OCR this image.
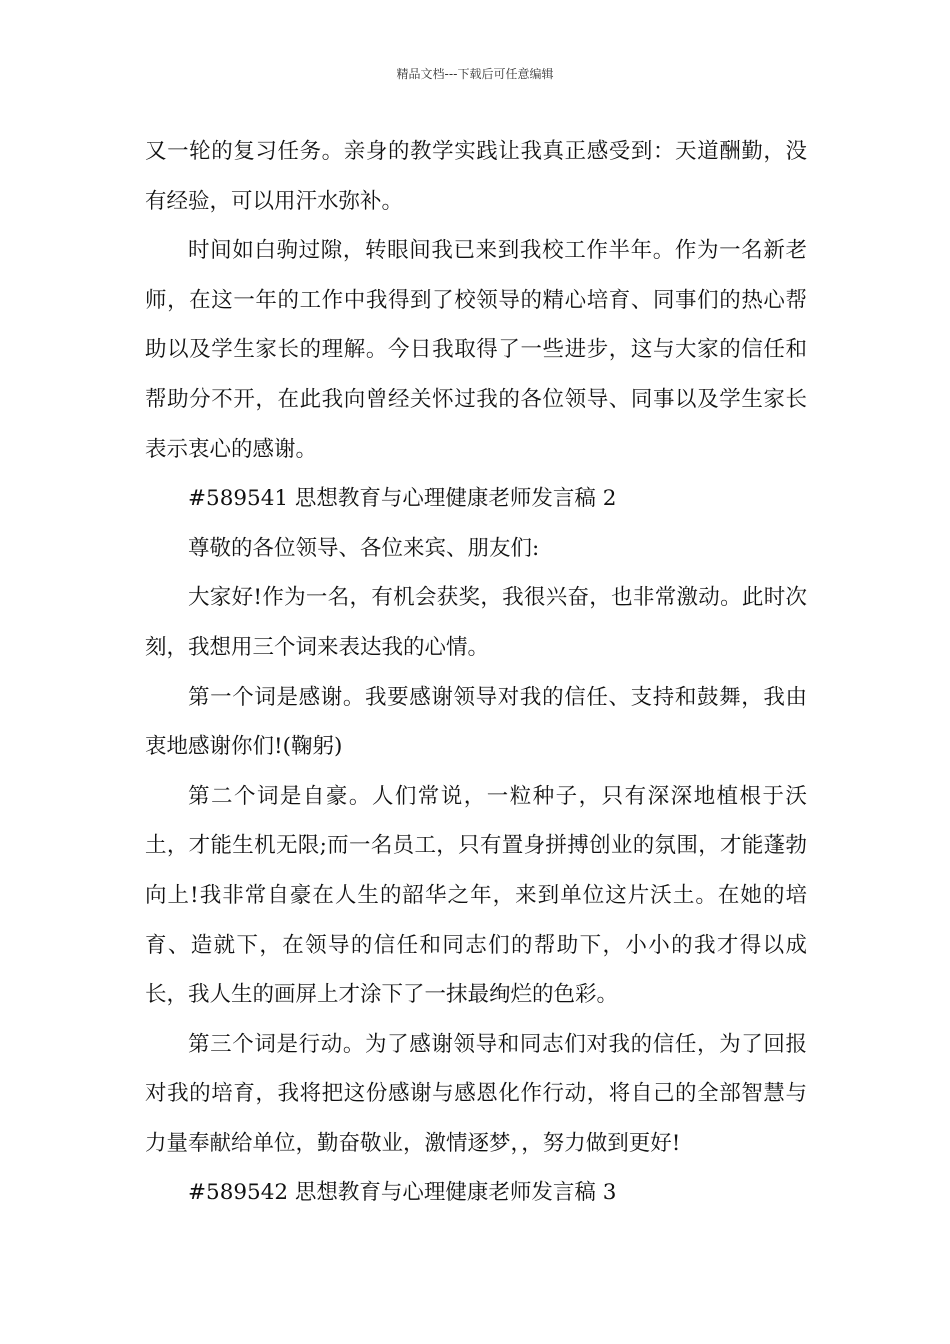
精品文档---下载后可任意编辑

又一轮的复习任务。亲身的教学实践让我真正感受到：天道酬勤，没有经验，可以用汗水弥补。

时间如白驹过隙，转眼间我已来到我校工作半年。作为一名新老师，在这一年的工作中我得到了校领导的精心培育、同事们的热心帮助以及学生家长的理解。今日我取得了一些进步，这与大家的信任和帮助分不开，在此我向曾经关怀过我的各位领导、同事以及学生家长表示衷心的感谢。

#589541 思想教育与心理健康老师发言稿 2

尊敬的各位领导、各位来宾、朋友们:

大家好!作为一名，有机会获奖，我很兴奋，也非常激动。此时次刻，我想用三个词来表达我的心情。

第一个词是感谢。我要感谢领导对我的信任、支持和鼓舞，我由衷地感谢你们!(鞠躬)

第二个词是自豪。人们常说，一粒种子，只有深深地植根于沃土，才能生机无限;而一名员工，只有置身拼搏创业的氛围，才能蓬勃向上!我非常自豪在人生的韶华之年，来到单位这片沃土。在她的培育、造就下，在领导的信任和同志们的帮助下，小小的我才得以成长，我人生的画屏上才涂下了一抹最绚烂的色彩。

第三个词是行动。为了感谢领导和同志们对我的信任，为了回报对我的培育，我将把这份感谢与感恩化作行动，将自己的全部智慧与力量奉献给单位，勤奋敬业，激情逐梦，，努力做到更好!

#589542 思想教育与心理健康老师发言稿 3
